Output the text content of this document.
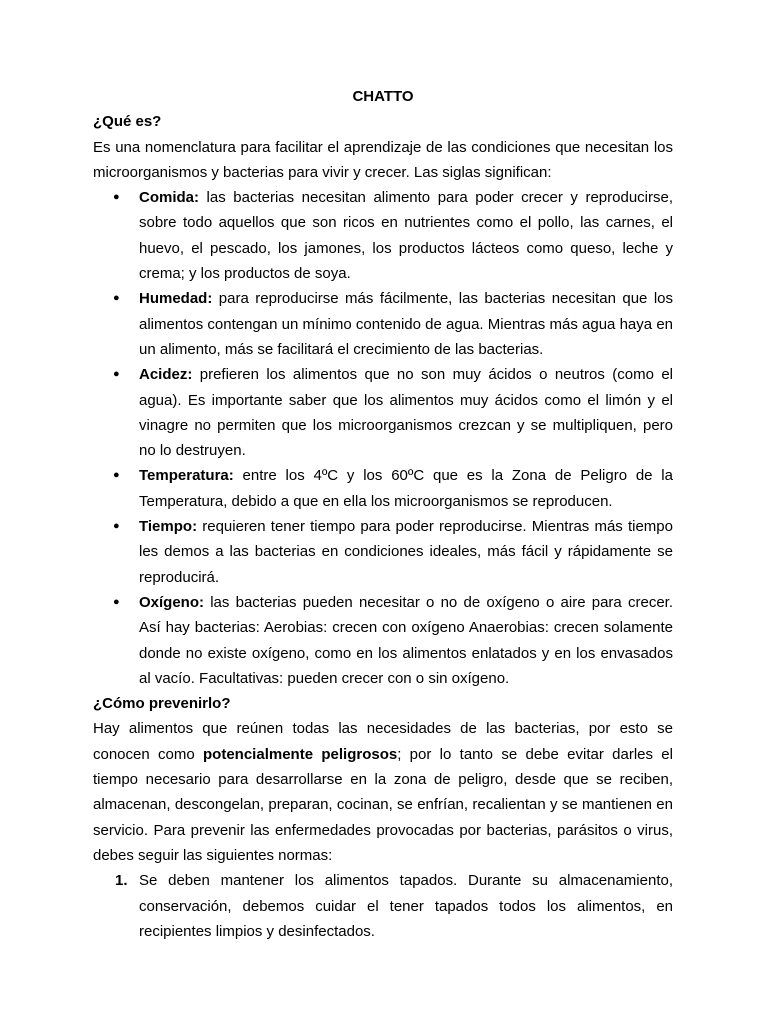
CHATTO

¿Qué es?

Es una nomenclatura para facilitar el aprendizaje de las condiciones que necesitan los microorganismos y bacterias para vivir y crecer. Las siglas significan:

● Comida: las bacterias necesitan alimento para poder crecer y reproducirse, sobre todo aquellos que son ricos en nutrientes como el pollo, las carnes, el huevo, el pescado, los jamones, los productos lácteos como queso, leche y crema; y los productos de soya.
● Humedad: para reproducirse más fácilmente, las bacterias necesitan que los alimentos contengan un mínimo contenido de agua. Mientras más agua haya en un alimento, más se facilitará el crecimiento de las bacterias.
● Acidez: prefieren los alimentos que no son muy ácidos o neutros (como el agua). Es importante saber que los alimentos muy ácidos como el limón y el vinagre no permiten que los microorganismos crezcan y se multipliquen, pero no lo destruyen.
● Temperatura: entre los 4ºC y los 60ºC que es la Zona de Peligro de la Temperatura, debido a que en ella los microorganismos se reproducen.
● Tiempo: requieren tener tiempo para poder reproducirse. Mientras más tiempo les demos a las bacterias en condiciones ideales, más fácil y rápidamente se reproducirá.
● Oxígeno: las bacterias pueden necesitar o no de oxígeno o aire para crecer. Así hay bacterias: Aerobias: crecen con oxígeno Anaerobias: crecen solamente donde no existe oxígeno, como en los alimentos enlatados y en los envasados al vacío. Facultativas: pueden crecer con o sin oxígeno.

¿Cómo prevenirlo?

Hay alimentos que reúnen todas las necesidades de las bacterias, por esto se conocen como potencialmente peligrosos; por lo tanto se debe evitar darles el tiempo necesario para desarrollarse en la zona de peligro, desde que se reciben, almacenan, descongelan, preparan, cocinan, se enfrían, recalientan y se mantienen en servicio. Para prevenir las enfermedades provocadas por bacterias, parásitos o virus, debes seguir las siguientes normas:

1. Se deben mantener los alimentos tapados. Durante su almacenamiento, conservación, debemos cuidar el tener tapados todos los alimentos, en recipientes limpios y desinfectados.
